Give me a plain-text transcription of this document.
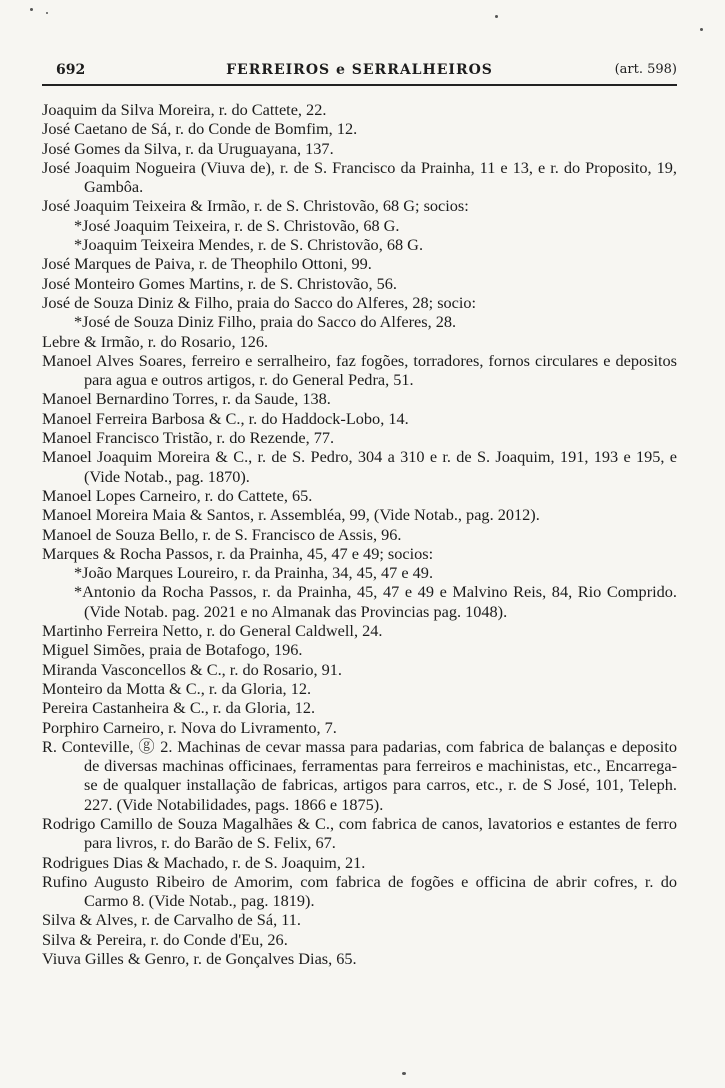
692	FERREIROS e SERRALHEIROS	(art. 598)
Joaquim da Silva Moreira, r. do Cattete, 22.
José Caetano de Sá, r. do Conde de Bomfim, 12.
José Gomes da Silva, r. da Uruguayana, 137.
José Joaquim Nogueira (Viuva de), r. de S. Francisco da Prainha, 11 e 13, e r. do Proposito, 19, Gambôa.
José Joaquim Teixeira & Irmão, r. de S. Christovão, 68 G; socios:
*José Joaquim Teixeira, r. de S. Christovão, 68 G.
*Joaquim Teixeira Mendes, r. de S. Christovão, 68 G.
José Marques de Paiva, r. de Theophilo Ottoni, 99.
José Monteiro Gomes Martins, r. de S. Christovão, 56.
José de Souza Diniz & Filho, praia do Sacco do Alferes, 28; socio:
*José de Souza Diniz Filho, praia do Sacco do Alferes, 28.
Lebre & Irmão, r. do Rosario, 126.
Manoel Alves Soares, ferreiro e serralheiro, faz fogões, torradores, fornos circulares e depositos para agua e outros artigos, r. do General Pedra, 51.
Manoel Bernardino Torres, r. da Saude, 138.
Manoel Ferreira Barbosa & C., r. do Haddock-Lobo, 14.
Manoel Francisco Tristão, r. do Rezende, 77.
Manoel Joaquim Moreira & C., r. de S. Pedro, 304 a 310 e r. de S. Joaquim, 191, 193 e 195, e (Vide Notab., pag. 1870).
Manoel Lopes Carneiro, r. do Cattete, 65.
Manoel Moreira Maia & Santos, r. Assembléa, 99, (Vide Notab., pag. 2012).
Manoel de Souza Bello, r. de S. Francisco de Assis, 96.
Marques & Rocha Passos, r. da Prainha, 45, 47 e 49; socios:
*João Marques Loureiro, r. da Prainha, 34, 45, 47 e 49.
*Antonio da Rocha Passos, r. da Prainha, 45, 47 e 49 e Malvino Reis, 84, Rio Comprido. (Vide Notab. pag. 2021 e no Almanak das Provincias pag. 1048).
Martinho Ferreira Netto, r. do General Caldwell, 24.
Miguel Simões, praia de Botafogo, 196.
Miranda Vasconcellos & C., r. do Rosario, 91.
Monteiro da Motta & C., r. da Gloria, 12.
Pereira Castanheira & C., r. da Gloria, 12.
Porphiro Carneiro, r. Nova do Livramento, 7.
R. Conteville, ⓖ 2. Machinas de cevar massa para padarias, com fabrica de balanças e deposito de diversas machinas officinaes, ferramentas para ferreiros e machinistas, etc., Encarrega-se de qualquer installação de fabricas, artigos para carros, etc., r. de S José, 101, Teleph. 227. (Vide Notabilidades, pags. 1866 e 1875).
Rodrigo Camillo de Souza Magalhães & C., com fabrica de canos, lavatorios e estantes de ferro para livros, r. do Barão de S. Felix, 67.
Rodrigues Dias & Machado, r. de S. Joaquim, 21.
Rufino Augusto Ribeiro de Amorim, com fabrica de fogões e officina de abrir cofres, r. do Carmo 8. (Vide Notab., pag. 1819).
Silva & Alves, r. de Carvalho de Sá, 11.
Silva & Pereira, r. do Conde d'Eu, 26.
Viuva Gilles & Genro, r. de Gonçalves Dias, 65.
